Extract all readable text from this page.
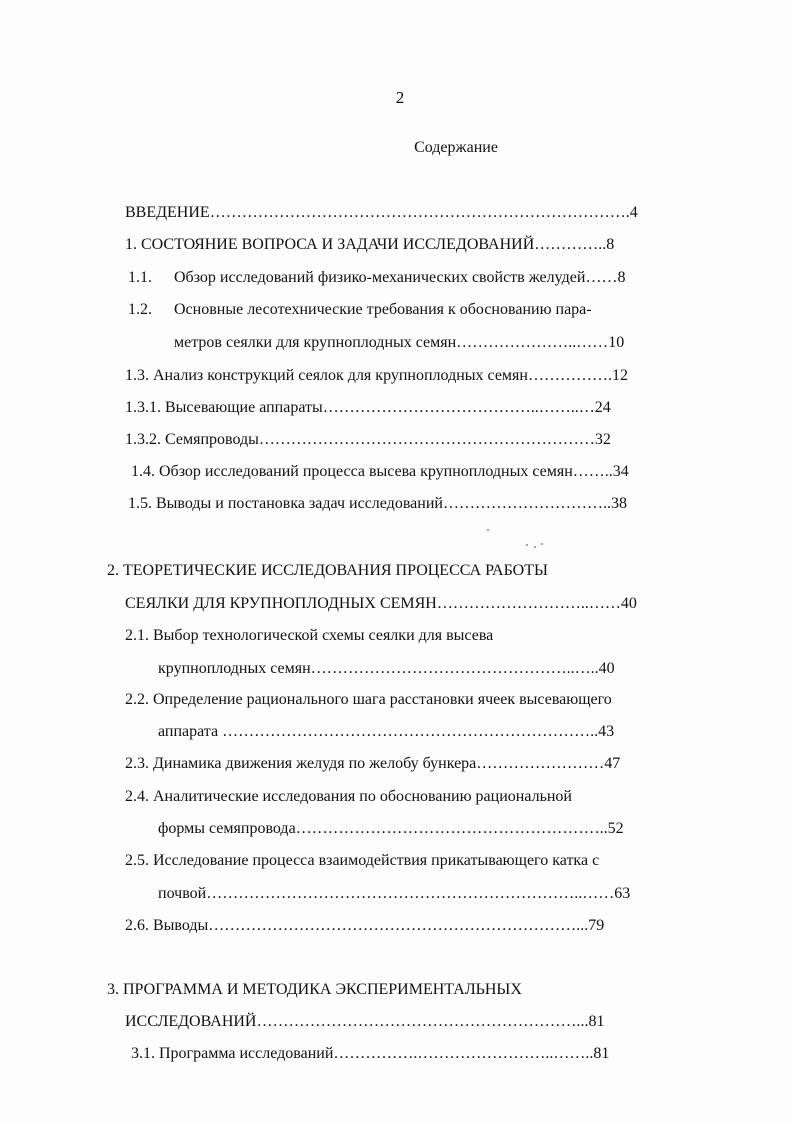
2
Содержание
ВВЕДЕНИЕ…………………………………………………………………….4
1. СОСТОЯНИЕ ВОПРОСА И ЗАДАЧИ ИССЛЕДОВАНИЙ…………..8
1.1. Обзор исследований физико-механических свойств желудей……8
1.2. Основные лесотехнические требования к обоснованию пара-
метров сеялки для крупноплодных семян…………………..……10
1.3. Анализ конструкций сеялок для крупноплодных семян…………….12
1.3.1. Высевающие аппараты…………………………………..……..…24
1.3.2. Семяпроводы………………………………………………………32
1.4. Обзор исследований процесса высева крупноплодных семян……..34
1.5. Выводы и постановка задач исследований…………………………..38
2. ТЕОРЕТИЧЕСКИЕ ИССЛЕДОВАНИЯ ПРОЦЕССА РАБОТЫ
СЕЯЛКИ ДЛЯ КРУПНОПЛОДНЫХ СЕМЯН………………………..……40
2.1. Выбор технологической схемы сеялки для высева
крупноплодных семян…………………………………………..…..40
2.2. Определение рационального шага расстановки ячеек высевающего
аппарата ……………………………………………………………..43
2.3. Динамика движения желудя по желобу бункера……………………47
2.4. Аналитические исследования по обоснованию рациональной
формы семяпровода…………………………………………………..52
2.5. Исследование процесса взаимодействия прикатывающего катка с
почвой……………………………………………………………..……63
2.6. Выводы……………………………………………………………...79
3. ПРОГРАММА И МЕТОДИКА ЭКСПЕРИМЕНТАЛЬНЫХ
ИССЛЕДОВАНИЙ……………………………………………………...81
3.1. Программа исследований…………….……………………..……..81
